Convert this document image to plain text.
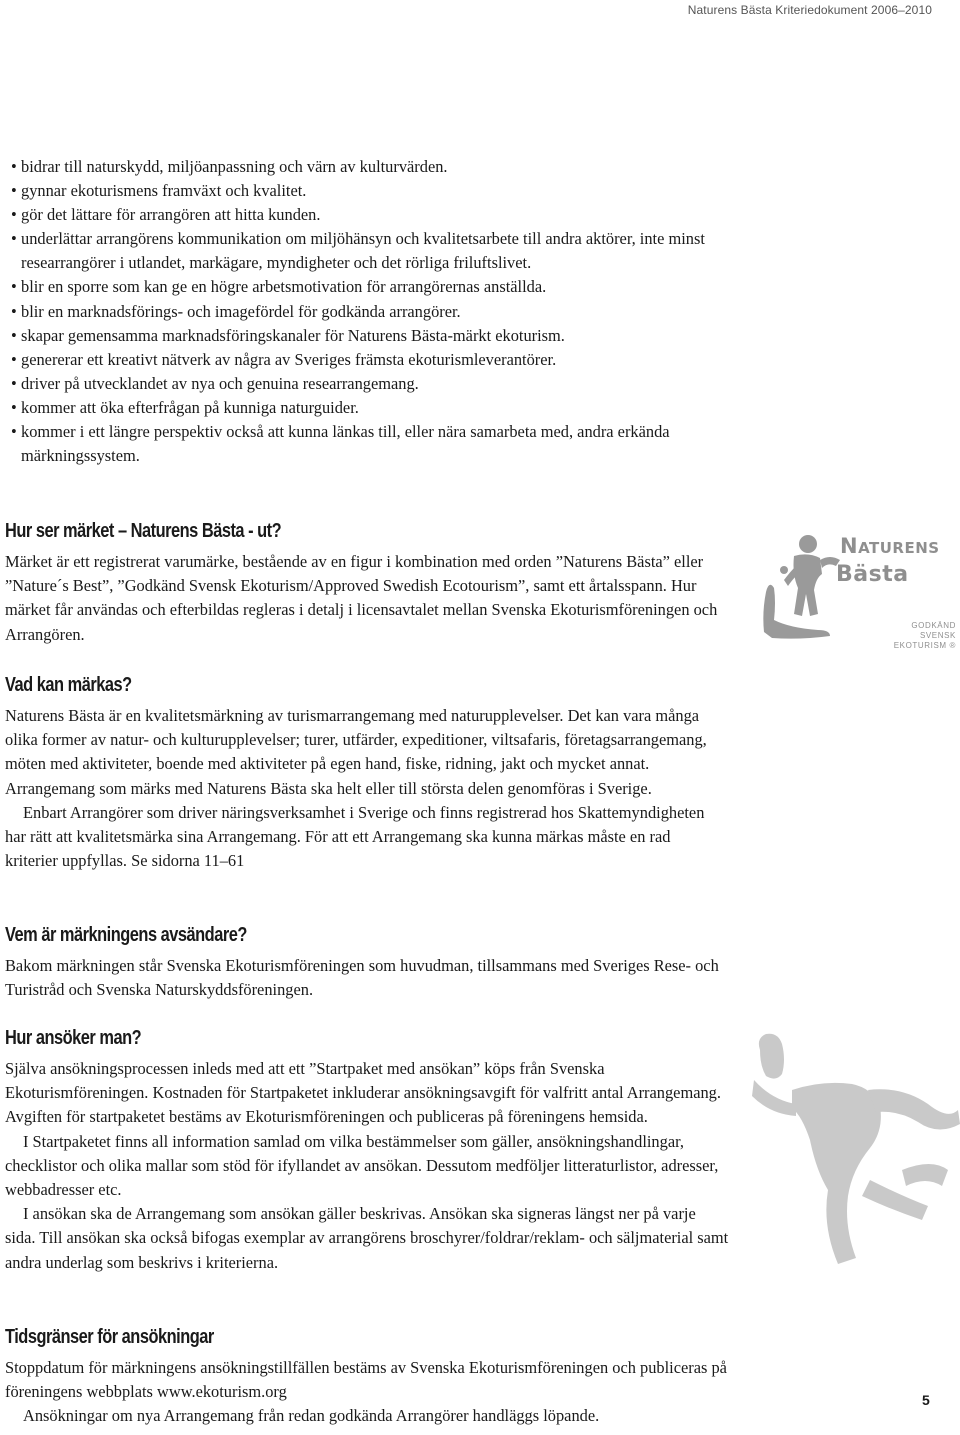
Naturens Bästa Kriteriedokument 2006–2010

• bidrar till naturskydd, miljöanpassning och värn av kulturvärden.

• gynnar ekoturismens framväxt och kvalitet.

• gör det lättare för arrangören att hitta kunden.

• underlättar arrangörens kommunikation om miljöhänsyn och kvalitetsarbete till andra aktörer, inte minst researrangörer i utlandet, markägare, myndigheter och det rörliga friluftslivet.

• blir en sporre som kan ge en högre arbetsmotivation för arrangörernas anställda.

• blir en marknadsförings- och imagefördel för godkända arrangörer.

• skapar gemensamma marknadsföringskanaler för Naturens Bästa-märkt ekoturism.

• genererar ett kreativt nätverk av några av Sveriges främsta ekoturismleverantörer.

• driver på utvecklandet av nya och genuina researrangemang.

• kommer att öka efterfrågan på kunniga naturguider.

• kommer i ett längre perspektiv också att kunna länkas till, eller nära samarbeta med, andra erkända märkningssystem.

Hur ser märket – Naturens Bästa - ut?

Märket är ett registrerat varumärke, bestående av en figur i kombination med orden ”Naturens Bästa” eller ”Nature´s Best”, ”Godkänd Svensk Ekoturism/Approved Swedish Ecotourism”, samt ett årtalsspann. Hur märket får användas och efterbildas regleras i detalj i licensavtalet mellan Svenska Ekoturismföreningen och Arrangören.

Naturens
Bästa
GODKÄND
SVENSK
EKOTURISM ®
Vad kan märkas?

Naturens Bästa är en kvalitetsmärkning av turismarrangemang med naturupplevelser. Det kan vara många olika former av natur- och kulturupplevelser; turer, utfärder, expeditioner, viltsafaris, företagsarrangemang, möten med aktiviteter, boende med aktiviteter på egen hand, fiske, ridning, jakt och mycket annat. Arrangemang som märks med Naturens Bästa ska helt eller till största delen genomföras i Sverige.

Enbart Arrangörer som driver näringsverksamhet i Sverige och finns registrerad hos Skattemyndigheten har rätt att kvalitetsmärka sina Arrangemang. För att ett Arrangemang ska kunna märkas måste en rad kriterier uppfyllas. Se sidorna 11–61

Vem är märkningens avsändare?

Bakom märkningen står Svenska Ekoturismföreningen som huvudman, tillsammans med Sveriges Rese- och Turistråd och Svenska Naturskyddsföreningen.

Hur ansöker man?

Själva ansökningsprocessen inleds med att ett ”Startpaket med ansökan” köps från Svenska Ekoturismföreningen. Kostnaden för Startpaketet inkluderar ansökningsavgift för valfritt antal Arrangemang. Avgiften för startpaketet bestäms av Ekoturismföreningen och publiceras på föreningens hemsida.

I Startpaketet finns all information samlad om vilka bestämmelser som gäller, ansökningshandlingar, checklistor och olika mallar som stöd för ifyllandet av ansökan. Dessutom medföljer litteraturlistor, adresser, webbadresser etc.

I ansökan ska de Arrangemang som ansökan gäller beskrivas. Ansökan ska signeras längst ner på varje sida. Till ansökan ska också bifogas exemplar av arrangörens broschyrer/foldrar/reklam- och säljmaterial samt andra underlag som beskrivs i kriterierna.

Tidsgränser för ansökningar

Stoppdatum för märkningens ansökningstillfällen bestäms av Svenska Ekoturismföreningen och publiceras på föreningens webbplats www.ekoturism.org

Ansökningar om nya Arrangemang från redan godkända Arrangörer handläggs löpande.

5
